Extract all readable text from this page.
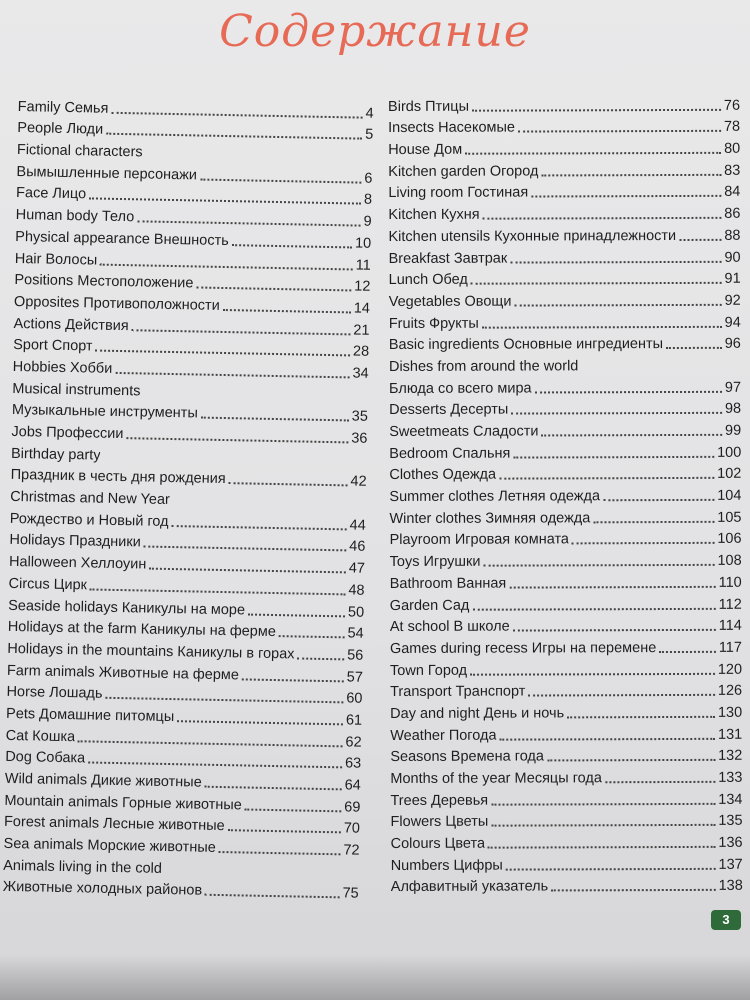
Содержание
Family Семья	4
People Люди	5
Fictional characters
Вымышленные персонажи	6
Face Лицо	8
Human body Тело	9
Physical appearance Внешность	10
Hair Волосы	11
Positions Местоположение	12
Opposites Противоположности	14
Actions Действия	21
Sport Спорт	28
Hobbies Хобби	34
Musical instruments
Музыкальные инструменты	35
Jobs Профессии	36
Birthday party
Праздник в честь дня рождения	42
Christmas and New Year
Рождество и Новый год	44
Holidays Праздники	46
Halloween Хеллоуин	47
Circus Цирк	48
Seaside holidays Каникулы на море	50
Holidays at the farm Каникулы на ферме	54
Holidays in the mountains Каникулы в горах	56
Farm animals Животные на ферме	57
Horse Лошадь	60
Pets Домашние питомцы	61
Cat Кошка	62
Dog Собака	63
Wild animals Дикие животные	64
Mountain animals Горные животные	69
Forest animals Лесные животные	70
Sea animals Морские животные	72
Animals living in the cold
Животные холодных районов	75
Birds Птицы	76
Insects Насекомые	78
House Дом	80
Kitchen garden Огород	83
Living room Гостиная	84
Kitchen Кухня	86
Kitchen utensils Кухонные принадлежности	88
Breakfast Завтрак	90
Lunch Обед	91
Vegetables Овощи	92
Fruits Фрукты	94
Basic ingredients Основные ингредиенты	96
Dishes from around the world
Блюда со всего мира	97
Desserts Десерты	98
Sweetmeats Сладости	99
Bedroom Спальня	100
Clothes Одежда	102
Summer clothes Летняя одежда	104
Winter clothes Зимняя одежда	105
Playroom Игровая комната	106
Toys Игрушки	108
Bathroom Ванная	110
Garden Сад	112
At school В школе	114
Games during recess Игры на перемене	117
Town Город	120
Transport Транспорт	126
Day and night День и ночь	130
Weather Погода	131
Seasons Времена года	132
Months of the year Месяцы года	133
Trees Деревья	134
Flowers Цветы	135
Colours Цвета	136
Numbers Цифры	137
Алфавитный указатель	138
3
